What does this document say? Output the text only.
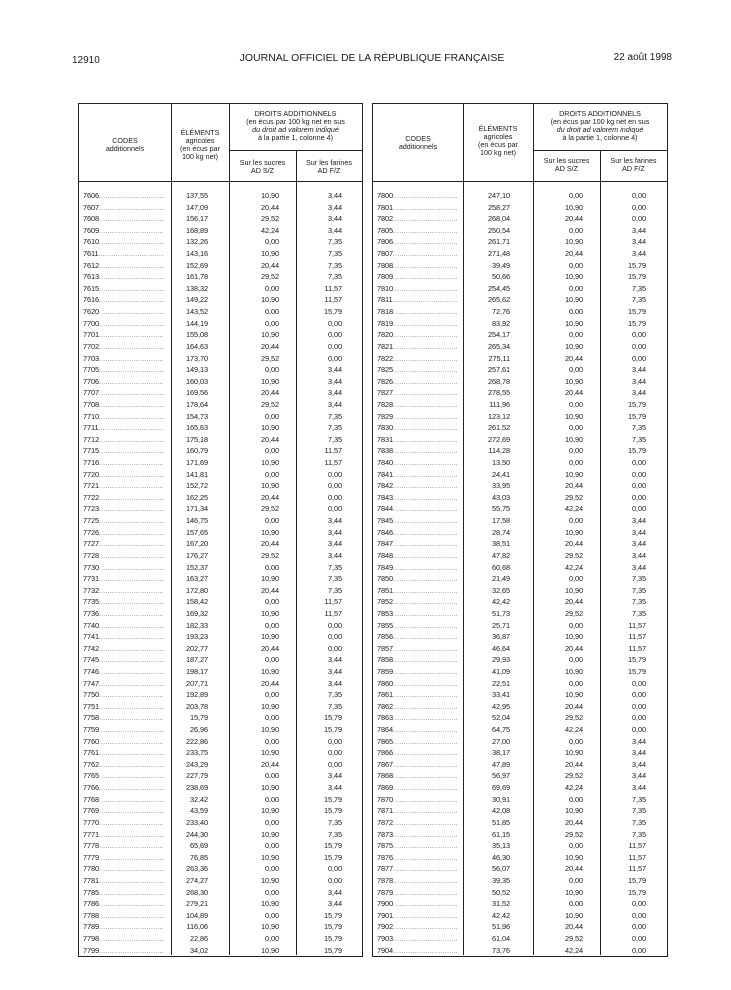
12910	JOURNAL OFFICIEL DE LA RÉPUBLIQUE FRANÇAISE	22 août 1998
CODES
additionnels
ÉLÉMENTS
agricoles
(en écus par
100 kg net)
DROITS ADDITIONNELS
(en écus par 100 kg net en sus
du droit ad valorem indiqué
à la partie 1, colonne 4)
Sur les sucres
AD S/Z
Sur les farines
AD F/Z
7606 .....	137,55	10,90	3,44
7607 .....	147,09	20,44	3,44
7608 .....	156,17	29,52	3,44
7609 .....	168,89	42,24	3,44
7610 .....	132,26	0,00	7,35
7611 .....	143,16	10,90	7,35
7612 .....	152,69	20,44	7,35
7613 .....	161,78	29,52	7,35
7615 .....	138,32	0,00	11,57
7616 .....	149,22	10,90	11,57
7620 .....	143,52	0,00	15,79
7700 .....	144,19	0,00	0,00
7701 .....	155,08	10,90	0,00
7702 .....	164,63	20,44	0,00
7703 .....	173,70	29,52	0,00
7705 .....	149,13	0,00	3,44
7706 .....	160,03	10,90	3,44
7707 .....	169,56	20,44	3,44
7708 .....	178,64	29,52	3,44
7710 .....	154,73	0,00	7,35
7711 .....	165,63	10,90	7,35
7712 .....	175,18	20,44	7,35
7715 .....	160,79	0,00	11,57
7716 .....	171,69	10,90	11,57
7720 .....	141,81	0,00	0,00
7721 .....	152,72	10,90	0,00
7722 .....	162,25	20,44	0,00
7723 .....	171,34	29,52	0,00
7725 .....	146,75	0,00	3,44
7726 .....	157,65	10,90	3,44
7727 .....	167,20	20,44	3,44
7728 .....	176,27	29,52	3,44
7730 .....	152,37	0,00	7,35
7731 .....	163,27	10,90	7,35
7732 .....	172,80	20,44	7,35
7735 .....	158,42	0,00	11,57
7736 .....	169,32	10,90	11,57
7740 .....	182,33	0,00	0,00
7741 .....	193,23	10,90	0,00
7742 .....	202,77	20,44	0,00
7745 .....	187,27	0,00	3,44
7746 .....	198,17	10,90	3,44
7747 .....	207,71	20,44	3,44
7750 .....	192,89	0,00	7,35
7751 .....	203,78	10,90	7,35
7758 .....	15,79	0,00	15,79
7759 .....	26,96	10,90	15,79
7760 .....	222,86	0,00	0,00
7761 .....	233,75	10,90	0,00
7762 .....	243,29	20,44	0,00
7765 .....	227,79	0,00	3,44
7766 .....	238,69	10,90	3,44
7768 .....	32,42	0,00	15,79
7769 .....	43,59	10,90	15,79
7770 .....	233,40	0,00	7,35
7771 .....	244,30	10,90	7,35
7778 .....	65,69	0,00	15,79
7779 .....	76,85	10,90	15,79
7780 .....	263,36	0,00	0,00
7781 .....	274,27	10,90	0,00
7785 .....	268,30	0,00	3,44
7786 .....	279,21	10,90	3,44
7788 .....	104,89	0,00	15,79
7789 .....	116,06	10,90	15,79
7798 .....	22,86	0,00	15,79
7799 .....	34,02	10,90	15,79
CODES
additionnels
ÉLÉMENTS
agricoles
(en écus par
100 kg net)
DROITS ADDITIONNELS
(en écus par 100 kg net en sus
du droit ad valorem indiqué
à la partie 1, colonne 4)
Sur les sucres
AD S/Z
Sur les farines
AD F/Z
7800 .....	247,10	0,00	0,00
7801 .....	258,27	10,90	0,00
7802 .....	268,04	20,44	0,00
7805 .....	250,54	0,00	3,44
7806 .....	261,71	10,90	3,44
7807 .....	271,48	20,44	3,44
7808 .....	39,49	0,00	15,79
7809 .....	50,66	10,90	15,79
7810 .....	254,45	0,00	7,35
7811 .....	265,62	10,90	7,35
7818 .....	72,76	0,00	15,79
7819 .....	83,92	10,90	15,79
7820 .....	254,17	0,00	0,00
7821 .....	265,34	10,90	0,00
7822 .....	275,11	20,44	0,00
7825 .....	257,61	0,00	3,44
7826 .....	268,78	10,90	3,44
7827 .....	278,55	20,44	3,44
7828 .....	111,96	0,00	15,79
7829 .....	123,12	10,90	15,79
7830 .....	261,52	0,00	7,35
7831 .....	272,69	10,90	7,35
7838 .....	114,28	0,00	15,79
7840 .....	13,50	0,00	0,00
7841 .....	24,41	10,90	0,00
7842 .....	33,95	20,44	0,00
7843 .....	43,03	29,52	0,00
7844 .....	55,75	42,24	0,00
7845 .....	17,58	0,00	3,44
7846 .....	28,74	10,90	3,44
7847 .....	38,51	20,44	3,44
7848 .....	47,82	29,52	3,44
7849 .....	60,68	42,24	3,44
7850 .....	21,49	0,00	7,35
7851 .....	32,65	10,90	7,35
7852 .....	42,42	20,44	7,35
7853 .....	51,73	29,52	7,35
7855 .....	25,71	0,00	11,57
7856 .....	36,87	10,90	11,57
7857 .....	46,64	20,44	11,57
7858 .....	29,93	0,00	15,79
7859 .....	41,09	10,90	15,79
7860 .....	22,51	0,00	0,00
7861 .....	33,41	10,90	0,00
7862 .....	42,95	20,44	0,00
7863 .....	52,04	29,52	0,00
7864 .....	64,75	42,24	0,00
7865 .....	27,00	0,00	3,44
7866 .....	38,17	10,90	3,44
7867 .....	47,89	20,44	3,44
7868 .....	56,97	29,52	3,44
7869 .....	69,69	42,24	3,44
7870 .....	30,91	0,00	7,35
7871 .....	42,08	10,90	7,35
7872 .....	51,85	20,44	7,35
7873 .....	61,15	29,52	7,35
7875 .....	35,13	0,00	11,57
7876 .....	46,30	10,90	11,57
7877 .....	56,07	20,44	11,57
7878 .....	39,35	0,00	15,79
7879 .....	50,52	10,90	15,79
7900 .....	31,52	0,00	0,00
7901 .....	42,42	10,90	0,00
7902 .....	51,96	20,44	0,00
7903 .....	61,04	29,52	0,00
7904 .....	73,76	42,24	0,00
